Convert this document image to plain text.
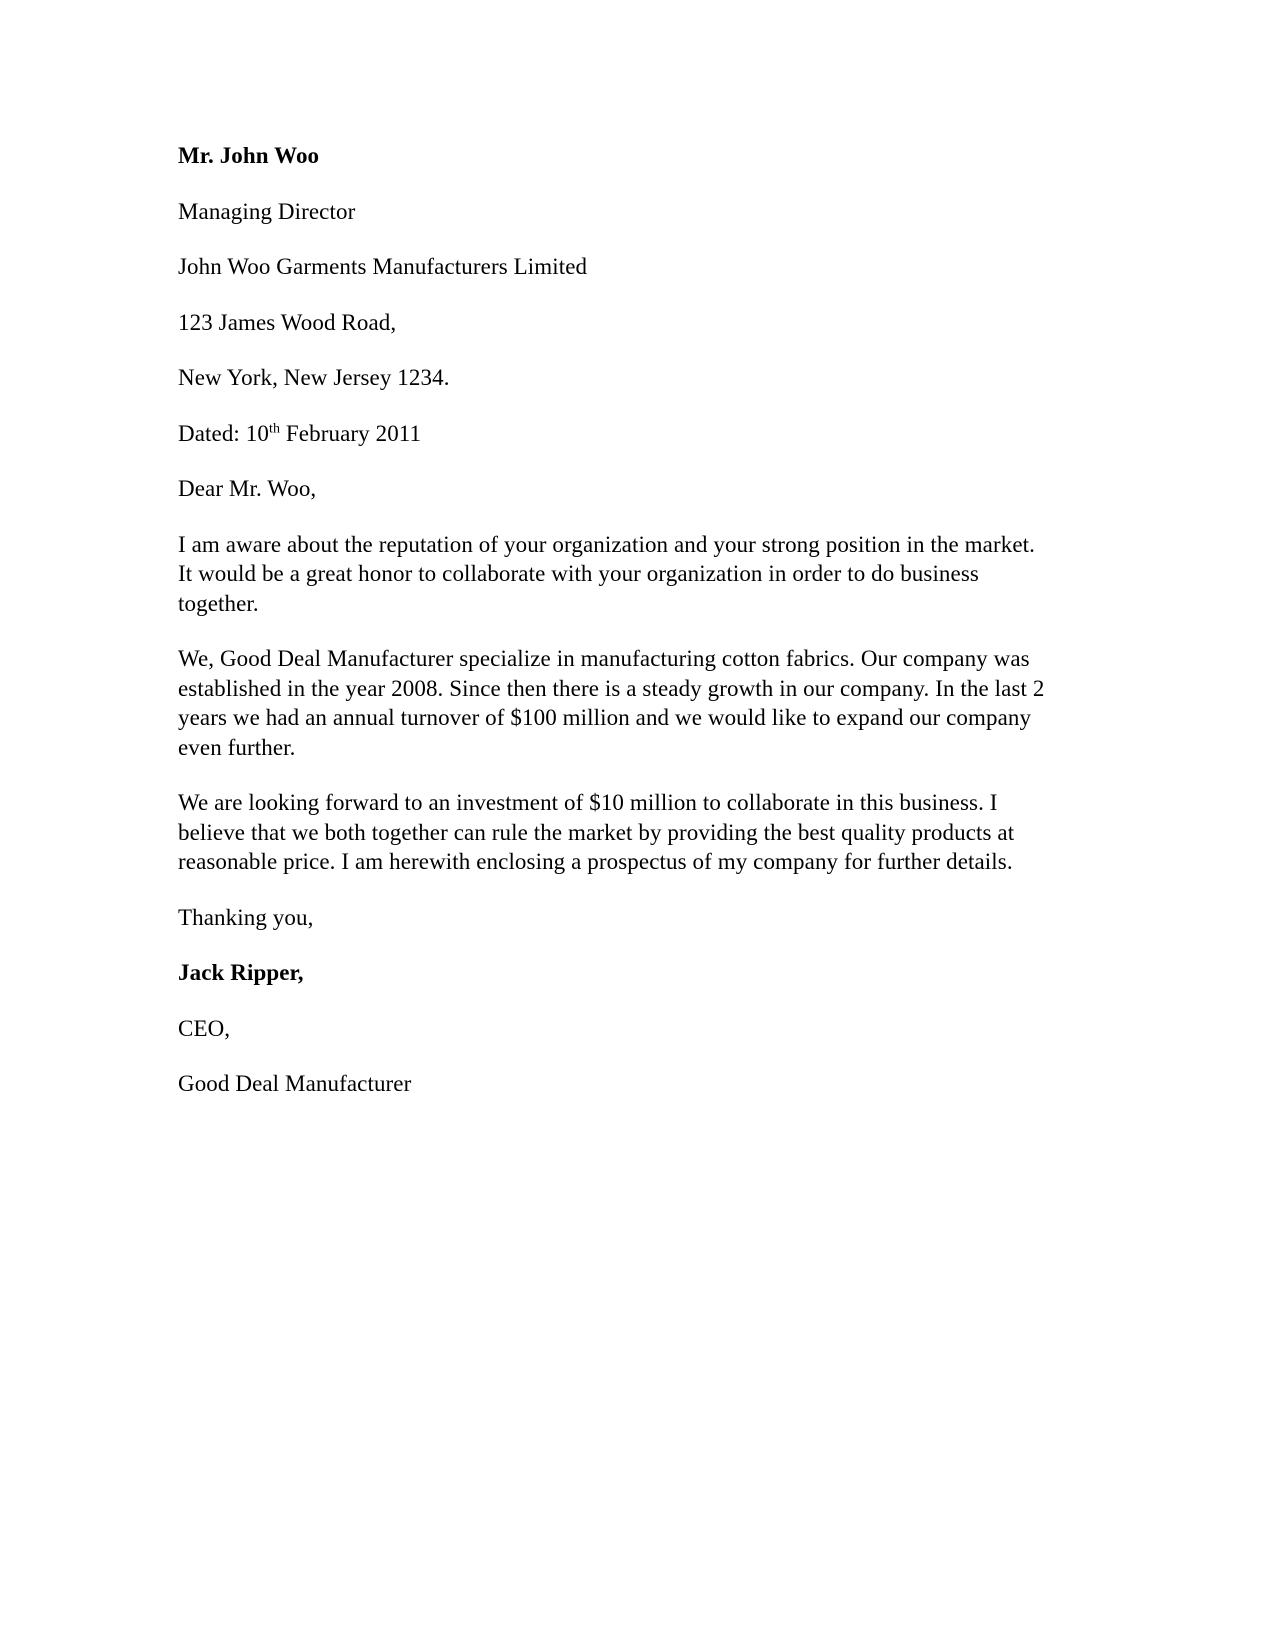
Mr. John Woo

Managing Director

John Woo Garments Manufacturers Limited

123 James Wood Road,

New York, New Jersey 1234.

Dated: 10th February 2011

Dear Mr. Woo,

I am aware about the reputation of your organization and your strong position in the market. It would be a great honor to collaborate with your organization in order to do business together.

We, Good Deal Manufacturer specialize in manufacturing cotton fabrics. Our company was established in the year 2008. Since then there is a steady growth in our company. In the last 2 years we had an annual turnover of $100 million and we would like to expand our company even further.

We are looking forward to an investment of $10 million to collaborate in this business. I believe that we both together can rule the market by providing the best quality products at reasonable price. I am herewith enclosing a prospectus of my company for further details.

Thanking you,

Jack Ripper,

CEO,

Good Deal Manufacturer
